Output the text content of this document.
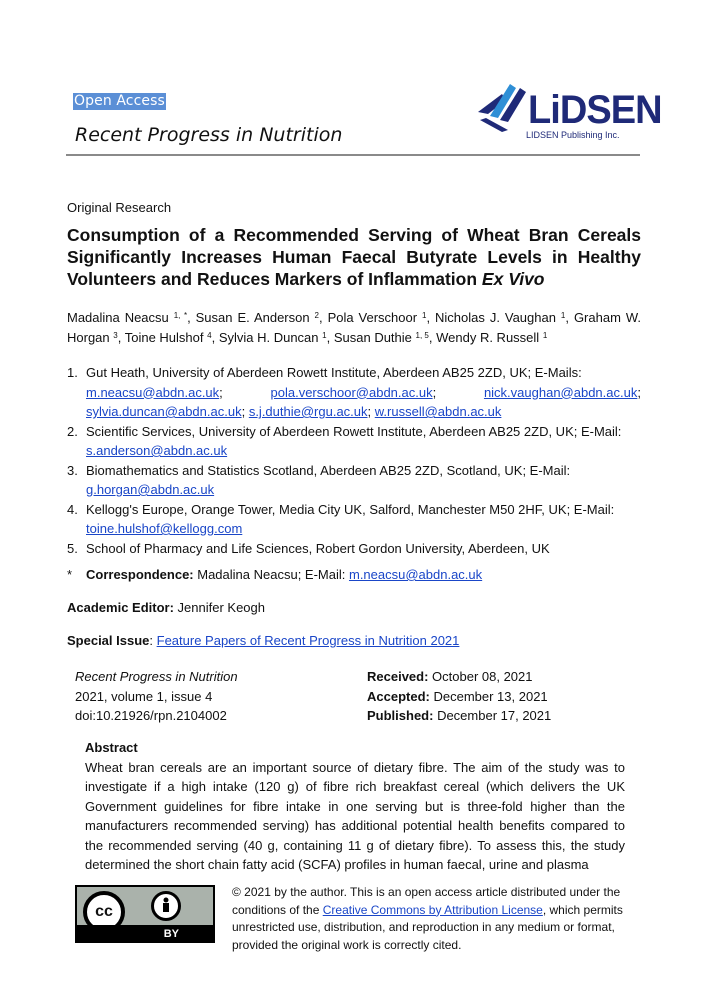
Open Access
Recent Progress in Nutrition
LiDSEN
LIDSEN Publishing Inc.
Original Research
Consumption of a Recommended Serving of Wheat Bran Cereals Significantly Increases Human Faecal Butyrate Levels in Healthy Volunteers and Reduces Markers of Inflammation Ex Vivo
Madalina Neacsu $^{1, *}$, Susan E. Anderson $^2$, Pola Verschoor $^1$, Nicholas J. Vaughan $^1$, Graham W. Horgan $^3$, Toine Hulshof $^4$, Sylvia H. Duncan $^1$, Susan Duthie $^{1, 5}$, Wendy R. Russell $^1$
1. Gut Heath, University of Aberdeen Rowett Institute, Aberdeen AB25 2ZD, UK; E-Mails:
m.neacsu@abdn.ac.uk;	pola.verschoor@abdn.ac.uk;	nick.vaughan@abdn.ac.uk;
sylvia.duncan@abdn.ac.uk; s.j.duthie@rgu.ac.uk; w.russell@abdn.ac.uk
2. Scientific Services, University of Aberdeen Rowett Institute, Aberdeen AB25 2ZD, UK; E-Mail:
s.anderson@abdn.ac.uk
3. Biomathematics and Statistics Scotland, Aberdeen AB25 2ZD, Scotland, UK; E-Mail:
g.horgan@abdn.ac.uk
4. Kellogg's Europe, Orange Tower, Media City UK, Salford, Manchester M50 2HF, UK; E-Mail:
toine.hulshof@kellogg.com
5. School of Pharmacy and Life Sciences, Robert Gordon University, Aberdeen, UK
* Correspondence: Madalina Neacsu; E-Mail: m.neacsu@abdn.ac.uk
Academic Editor: Jennifer Keogh
Special Issue: Feature Papers of Recent Progress in Nutrition 2021
Recent Progress in Nutrition
2021, volume 1, issue 4
doi:10.21926/rpn.2104002
Received: October 08, 2021
Accepted: December 13, 2021
Published: December 17, 2021
Abstract
Wheat bran cereals are an important source of dietary fibre. The aim of the study was to investigate if a high intake (120 g) of fibre rich breakfast cereal (which delivers the UK Government guidelines for fibre intake in one serving but is three-fold higher than the manufacturers recommended serving) has additional potential health benefits compared to the recommended serving (40 g, containing 11 g of dietary fibre). To assess this, the study determined the short chain fatty acid (SCFA) profiles in human faecal, urine and plasma
cc
BY
© 2021 by the author. This is an open access article distributed under the conditions of the Creative Commons by Attribution License, which permits unrestricted use, distribution, and reproduction in any medium or format, provided the original work is correctly cited.
